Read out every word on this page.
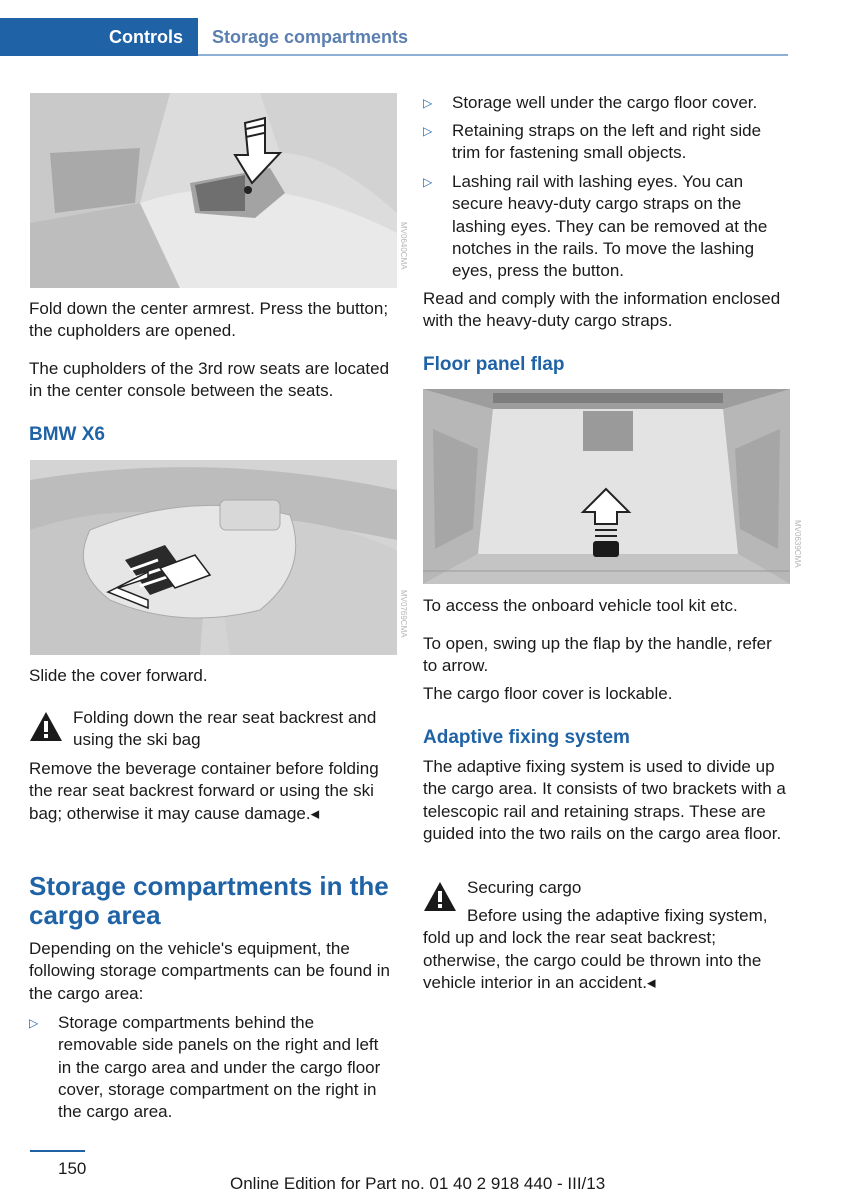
Controls Storage compartments
MV0640CMA
Fold down the center armrest. Press the button; the cupholders are opened.
The cupholders of the 3rd row seats are located in the center console between the seats.
BMW X6
MV0769CMA
Slide the cover forward.
Folding down the rear seat backrest and using the ski bag
Remove the beverage container before folding the rear seat backrest forward or using the ski bag; otherwise it may cause damage.◂
Storage compartments in the cargo area
Depending on the vehicle's equipment, the following storage compartments can be found in the cargo area:
▷ Storage compartments behind the removable side panels on the right and left in the cargo area and under the cargo floor cover, storage compartment on the right in the cargo area.
▷ Storage well under the cargo floor cover.
▷ Retaining straps on the left and right side trim for fastening small objects.
▷ Lashing rail with lashing eyes. You can secure heavy-duty cargo straps on the lashing eyes. They can be removed at the notches in the rails. To move the lashing eyes, press the button.
Read and comply with the information enclosed with the heavy-duty cargo straps.
Floor panel flap
MV0639CMA
To access the onboard vehicle tool kit etc.
To open, swing up the flap by the handle, refer to arrow.
The cargo floor cover is lockable.
Adaptive fixing system
The adaptive fixing system is used to divide up the cargo area. It consists of two brackets with a telescopic rail and retaining straps. These are guided into the two rails on the cargo area floor.
Securing cargo
Before using the adaptive fixing system, fold up and lock the rear seat backrest; otherwise, the cargo could be thrown into the vehicle interior in an accident.◂
150
Online Edition for Part no. 01 40 2 918 440 - III/13
